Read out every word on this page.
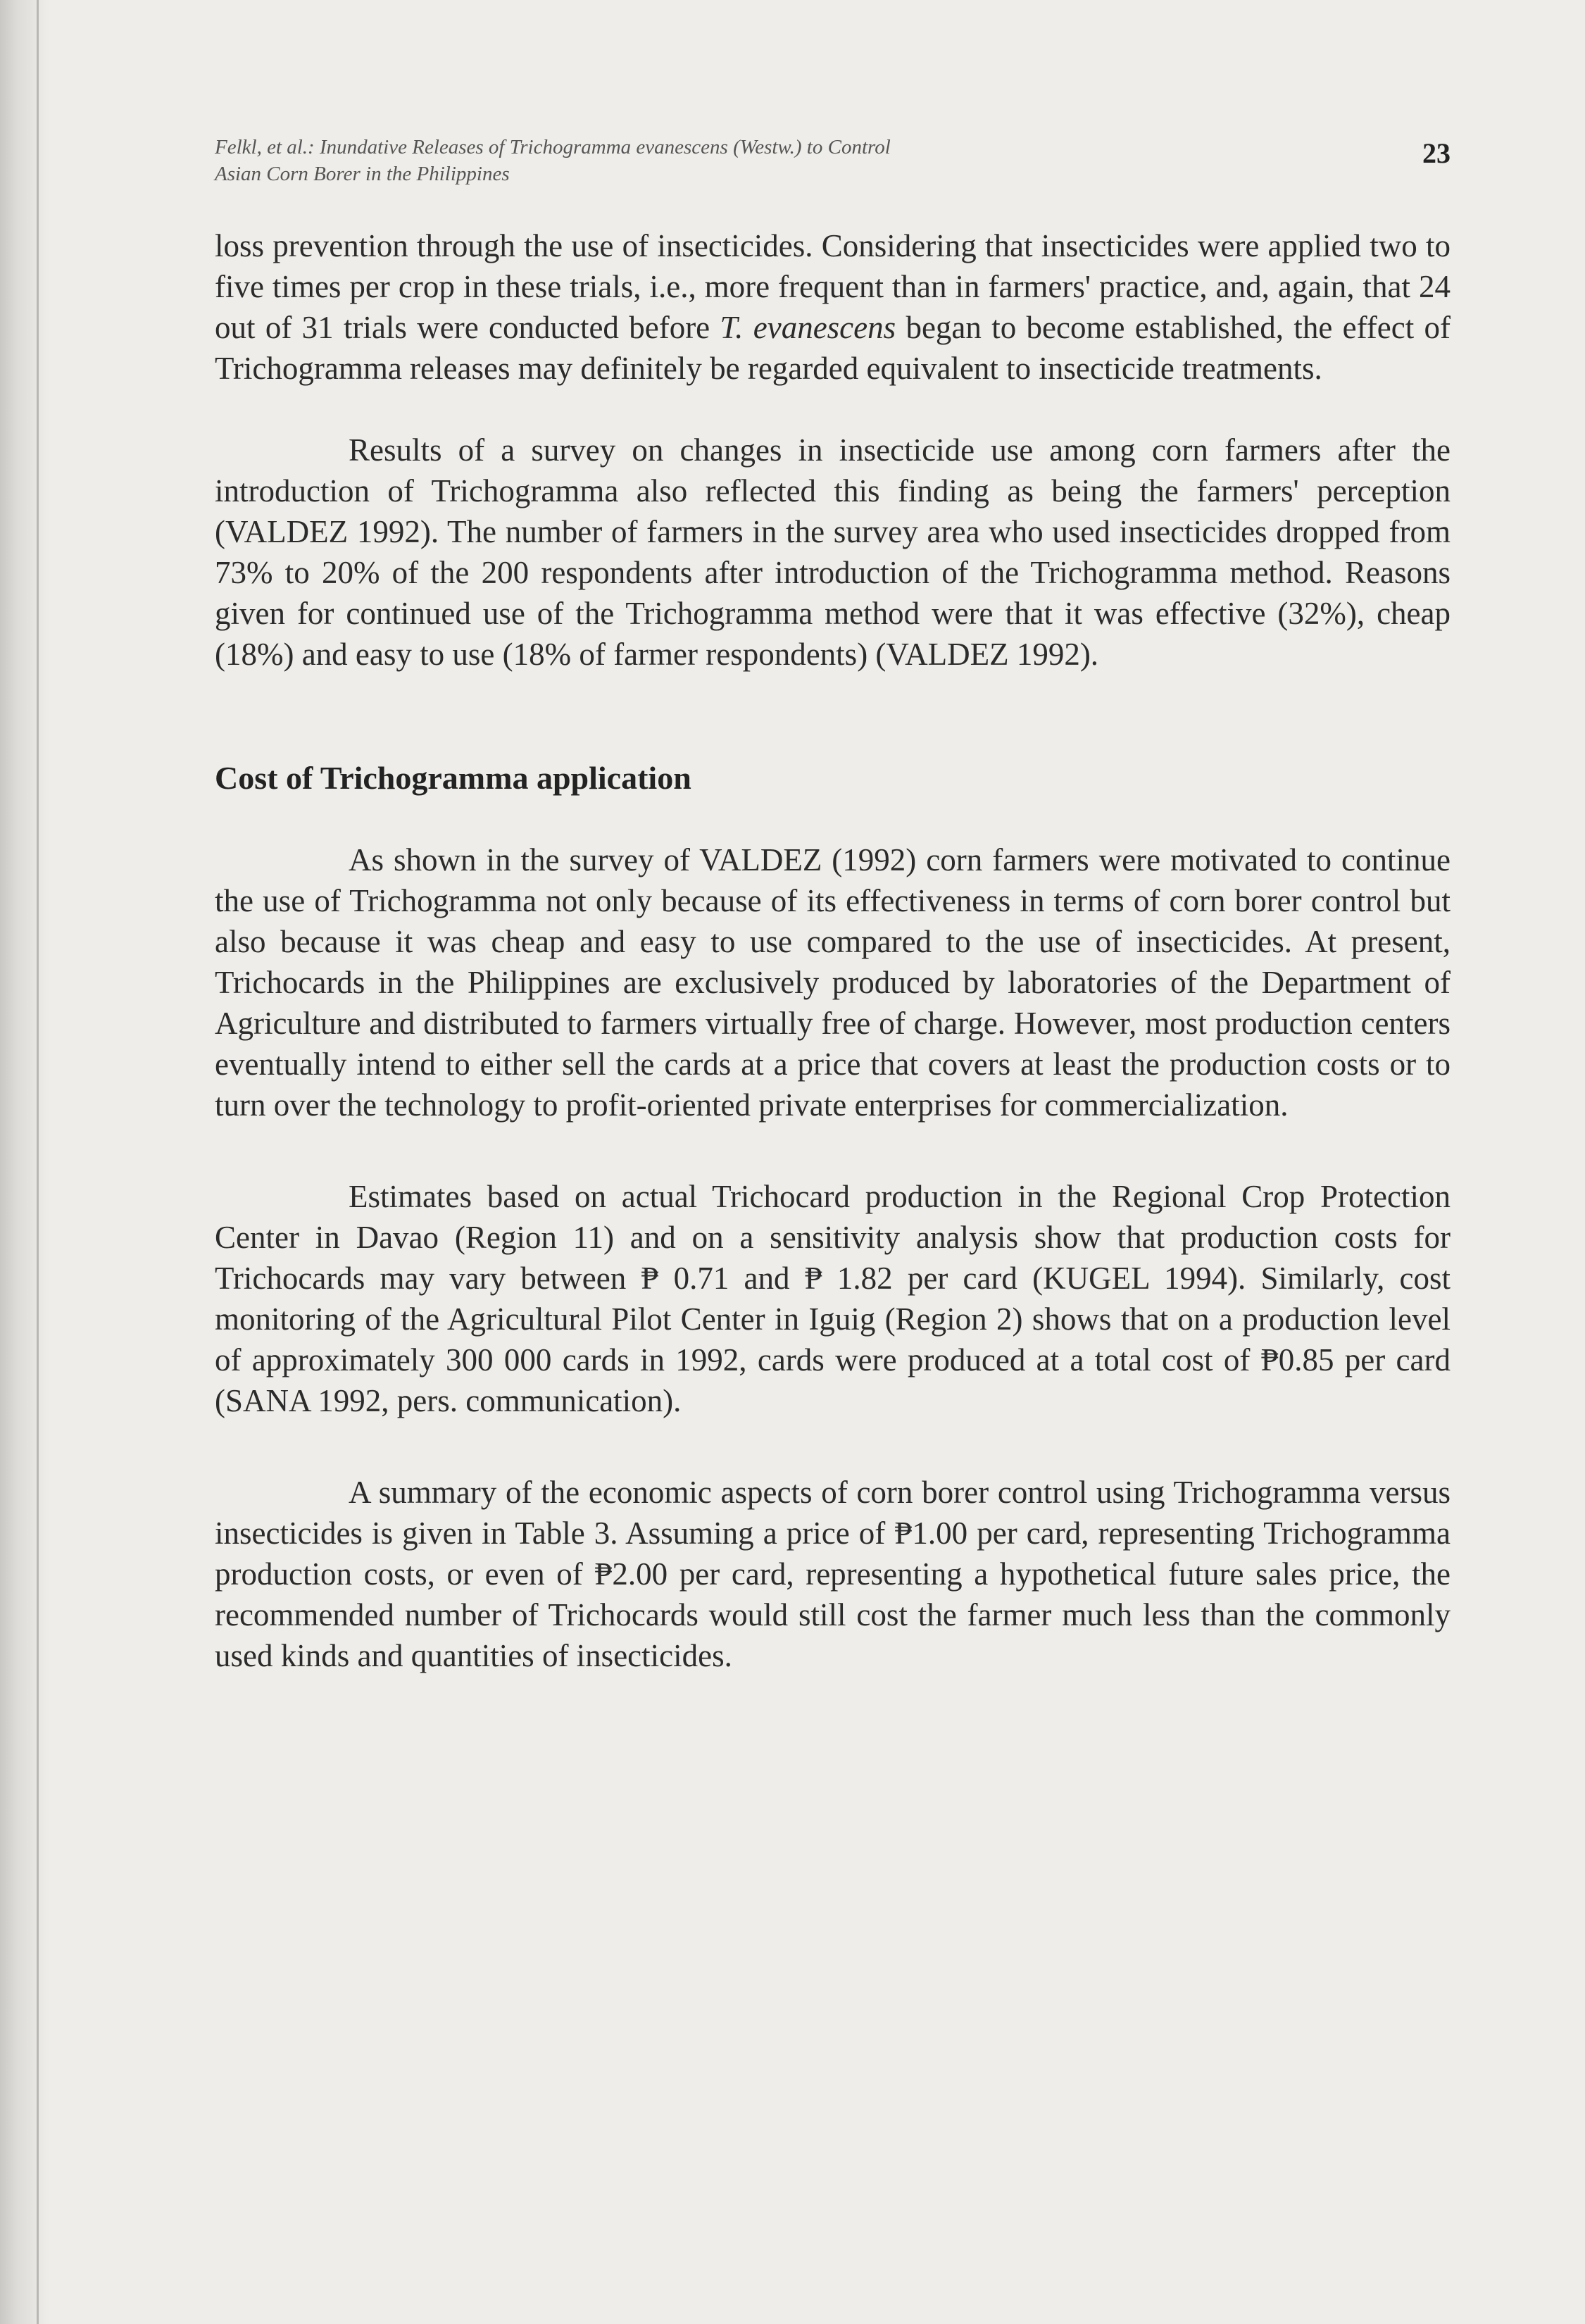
Felkl, et al.: Inundative Releases of Trichogramma evanescens (Westw.) to Control
Asian Corn Borer in the Philippines
23

loss prevention through the use of insecticides. Considering that insecticides were applied two to five times per crop in these trials, i.e., more frequent than in farmers' practice, and, again, that 24 out of 31 trials were conducted before T. evanescens began to become established, the effect of Trichogramma releases may definitely be regarded equivalent to insecticide treatments.

Results of a survey on changes in insecticide use among corn farmers after the introduction of Trichogramma also reflected this finding as being the farmers' perception (VALDEZ 1992). The number of farmers in the survey area who used insecticides dropped from 73% to 20% of the 200 respondents after introduction of the Trichogramma method. Reasons given for continued use of the Trichogramma method were that it was effective (32%), cheap (18%) and easy to use (18% of farmer respondents) (VALDEZ 1992).

Cost of Trichogramma application

As shown in the survey of VALDEZ (1992) corn farmers were motivated to continue the use of Trichogramma not only because of its effectiveness in terms of corn borer control but also because it was cheap and easy to use compared to the use of insecticides. At present, Trichocards in the Philippines are exclusively produced by laboratories of the Department of Agriculture and distributed to farmers virtually free of charge. However, most production centers eventually intend to either sell the cards at a price that covers at least the production costs or to turn over the technology to profit-oriented private enterprises for commercialization.

Estimates based on actual Trichocard production in the Regional Crop Protection Center in Davao (Region 11) and on a sensitivity analysis show that production costs for Trichocards may vary between ₱ 0.71 and ₱ 1.82 per card (KUGEL 1994). Similarly, cost monitoring of the Agricultural Pilot Center in Iguig (Region 2) shows that on a production level of approximately 300 000 cards in 1992, cards were produced at a total cost of ₱0.85 per card (SANA 1992, pers. communication).

A summary of the economic aspects of corn borer control using Trichogramma versus insecticides is given in Table 3. Assuming a price of ₱1.00 per card, representing Trichogramma production costs, or even of ₱2.00 per card, representing a hypothetical future sales price, the recommended number of Trichocards would still cost the farmer much less than the commonly used kinds and quantities of insecticides.
